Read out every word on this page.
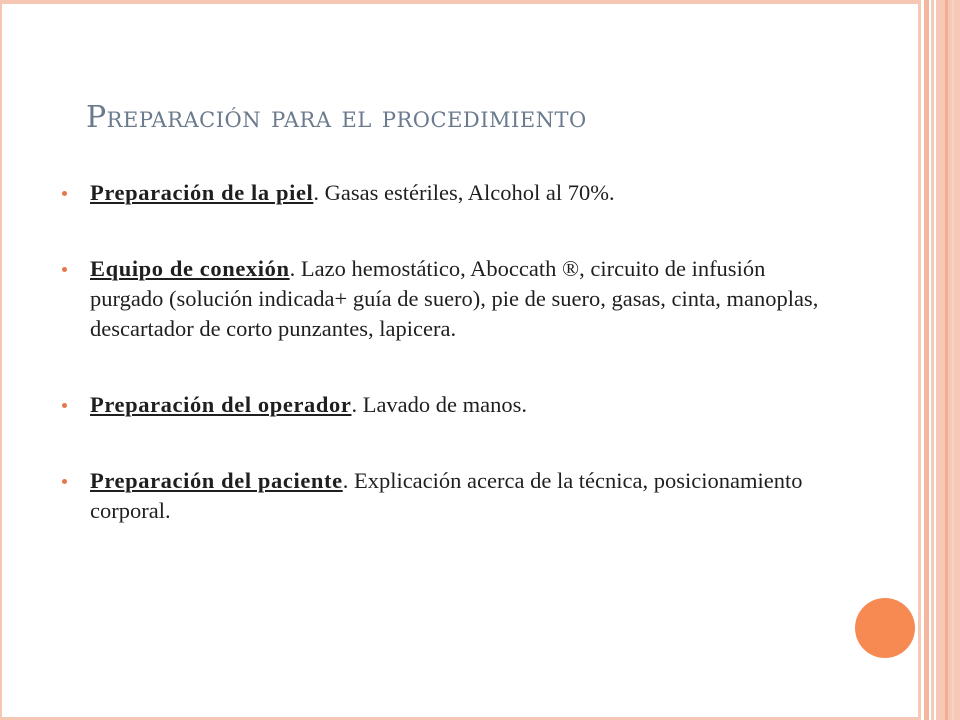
Preparación para el procedimiento
Preparación de la piel. Gasas estériles, Alcohol al 70%.
Equipo de conexión. Lazo hemostático, Aboccath ®, circuito de infusión purgado (solución indicada+ guía de suero), pie de suero, gasas, cinta, manoplas, descartador de corto punzantes, lapicera.
Preparación del operador. Lavado de manos.
Preparación del paciente. Explicación acerca de la técnica, posicionamiento corporal.
